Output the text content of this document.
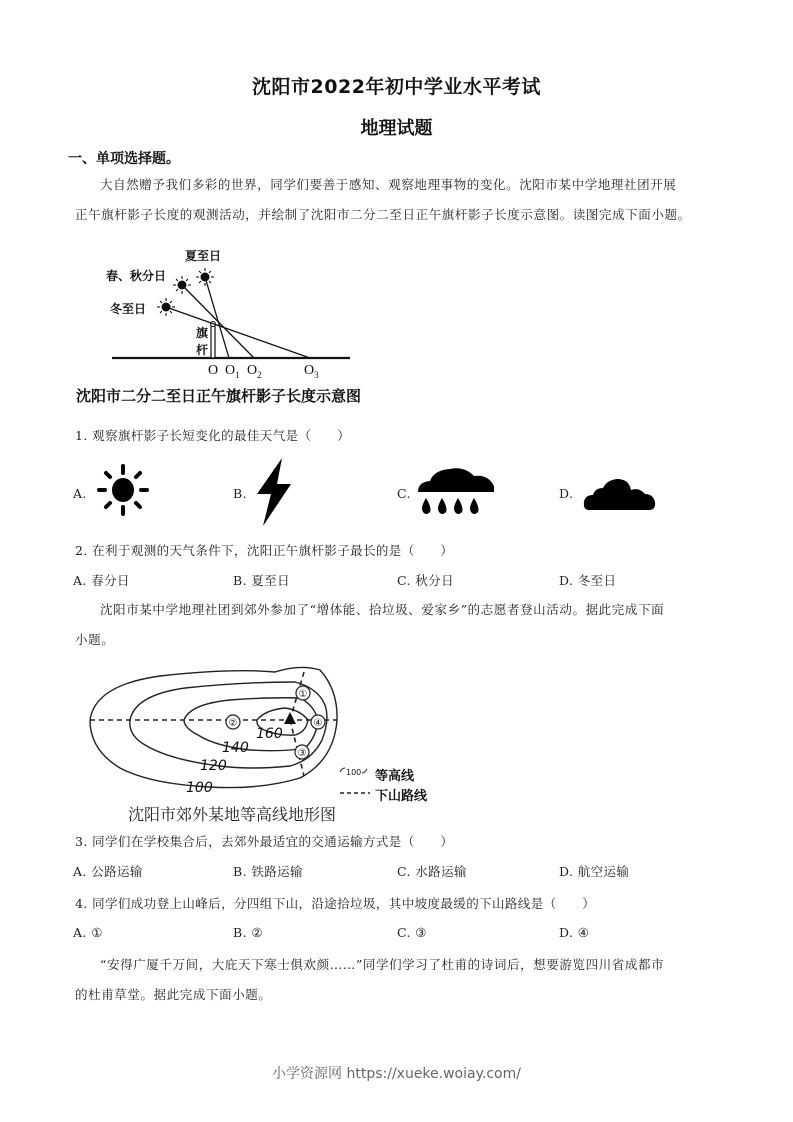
沈阳市2022年初中学业水平考试
地理试题
一、单项选择题。
大自然赠予我们多彩的世界，同学们要善于感知、观察地理事物的变化。沈阳市某中学地理社团开展
正午旗杆影子长度的观测活动，并绘制了沈阳市二分二至日正午旗杆影子长度示意图。读图完成下面小题。
夏至日
春、秋分日
冬至日
旗
杆
O $O_1$ $O_2$	$O_3$
沈阳市二分二至日正午旗杆影子长度示意图
1. 观察旗杆影子长短变化的最佳天气是（　　）
A.	B.	C.	D.
2. 在利于观测的天气条件下，沈阳正午旗杆影子最长的是（　　）
A. 春分日	B. 夏至日	C. 秋分日	D. 冬至日
沈阳市某中学地理社团到郊外参加了“增体能、拾垃圾、爱家乡”的志愿者登山活动。据此完成下面
小题。
①
②
③
④
100
120
140
160
100 等高线
下山路线
沈阳市郊外某地等高线地形图
3. 同学们在学校集合后，去郊外最适宜的交通运输方式是（　　）
A. 公路运输	B. 铁路运输	C. 水路运输	D. 航空运输
4. 同学们成功登上山峰后，分四组下山，沿途拾垃圾，其中坡度最缓的下山路线是（　　）
A. ①	B. ②	C. ③	D. ④
“安得广厦千万间，大庇天下寒士俱欢颜……”同学们学习了杜甫的诗词后，想要游览四川省成都市
的杜甫草堂。据此完成下面小题。
小学资源网 https://xueke.woiay.com/
